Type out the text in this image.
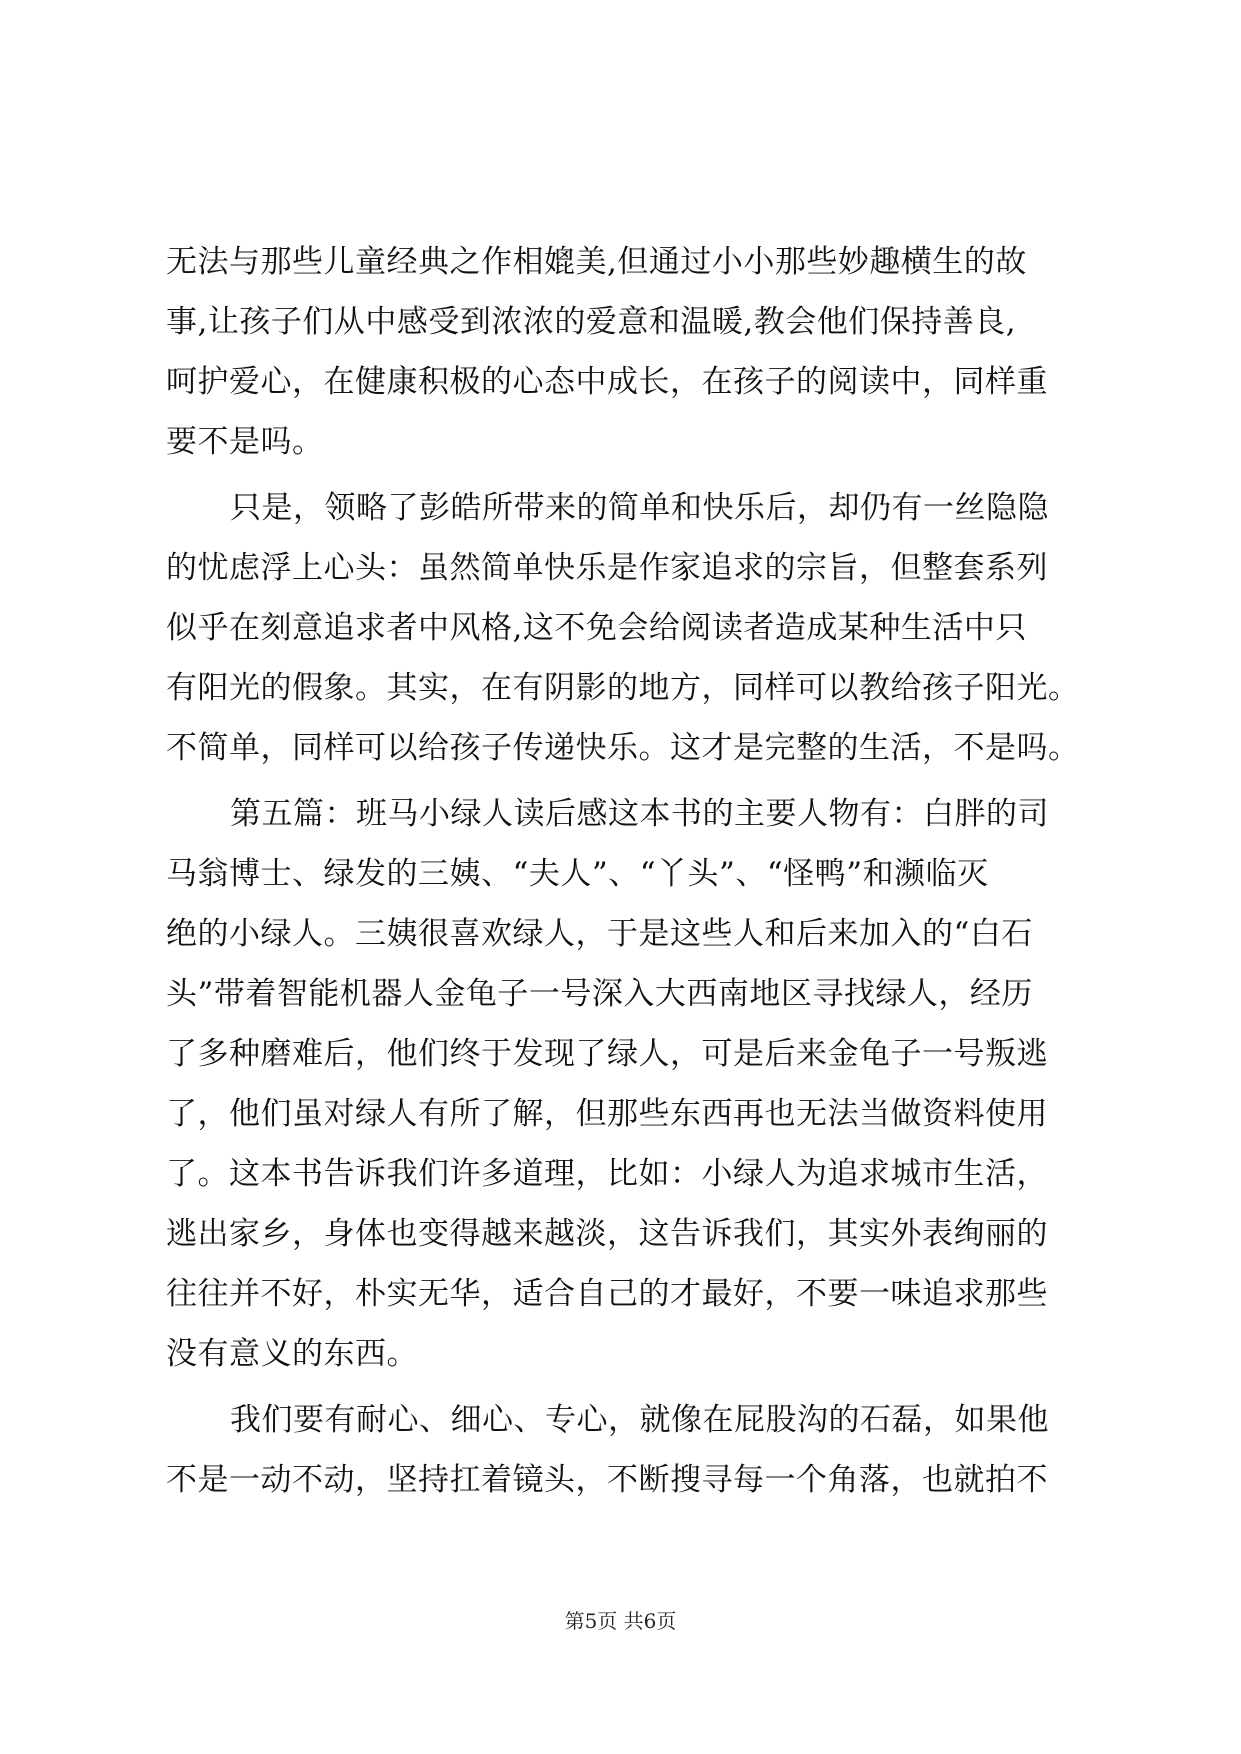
无法与那些儿童经典之作相媲美,但通过小小那些妙趣横生的故
事,让孩子们从中感受到浓浓的爱意和温暖,教会他们保持善良,
呵护爱心，在健康积极的心态中成长，在孩子的阅读中，同样重
要不是吗。
只是，领略了彭皓所带来的简单和快乐后，却仍有一丝隐隐
的忧虑浮上心头：虽然简单快乐是作家追求的宗旨，但整套系列
似乎在刻意追求者中风格,这不免会给阅读者造成某种生活中只
有阳光的假象。其实，在有阴影的地方，同样可以教给孩子阳光。
不简单，同样可以给孩子传递快乐。这才是完整的生活，不是吗。
第五篇：班马小绿人读后感这本书的主要人物有：白胖的司
马翁博士、绿发的三姨、“夫人”、“丫头”、“怪鸭”和濒临灭
绝的小绿人。三姨很喜欢绿人，于是这些人和后来加入的“白石
头”带着智能机器人金龟子一号深入大西南地区寻找绿人，经历
了多种磨难后，他们终于发现了绿人，可是后来金龟子一号叛逃
了，他们虽对绿人有所了解，但那些东西再也无法当做资料使用
了。这本书告诉我们许多道理，比如：小绿人为追求城市生活，
逃出家乡，身体也变得越来越淡，这告诉我们，其实外表绚丽的
往往并不好，朴实无华，适合自己的才最好，不要一味追求那些
没有意义的东西。
我们要有耐心、细心、专心，就像在屁股沟的石磊，如果他
不是一动不动，坚持扛着镜头，不断搜寻每一个角落，也就拍不
第5页 共6页
